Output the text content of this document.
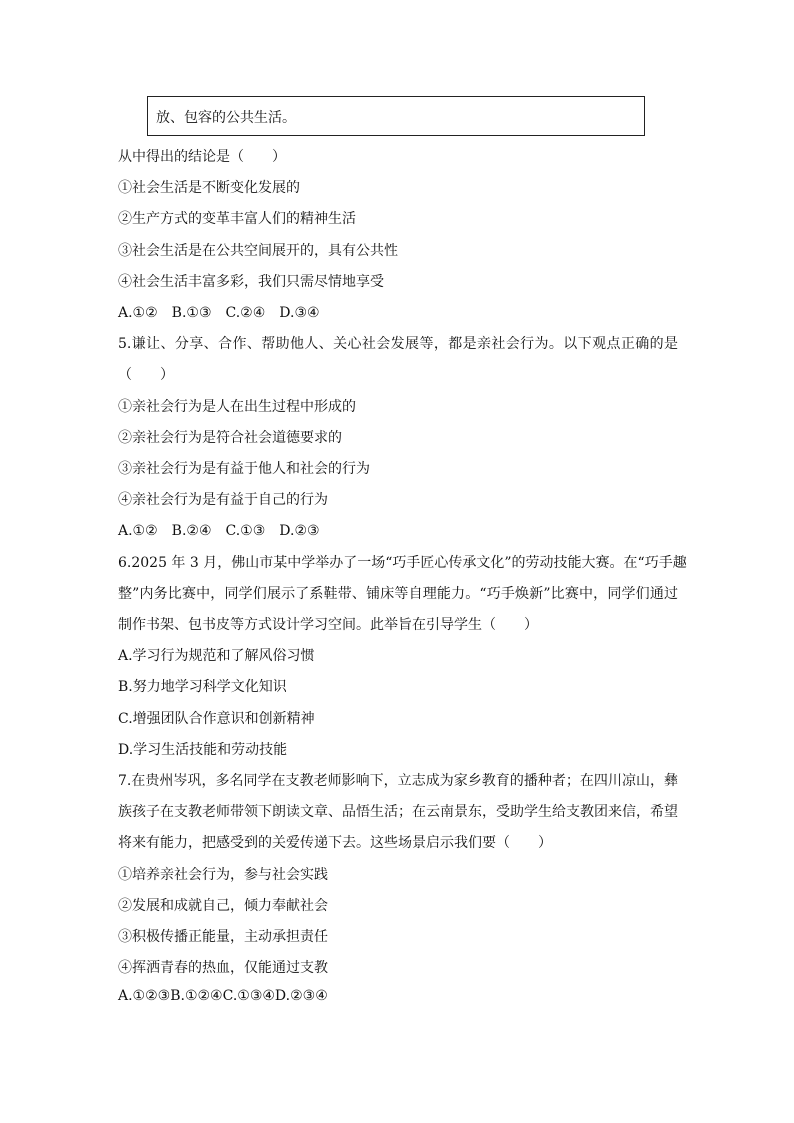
放、包容的公共生活。
从中得出的结论是（　　）
①社会生活是不断变化发展的
②生产方式的变革丰富人们的精神生活
③社会生活是在公共空间展开的，具有公共性
④社会生活丰富多彩，我们只需尽情地享受
A.①②　B.①③　C.②④　D.③④
5.谦让、分享、合作、帮助他人、关心社会发展等，都是亲社会行为。以下观点正确的是
（　　）
①亲社会行为是人在出生过程中形成的
②亲社会行为是符合社会道德要求的
③亲社会行为是有益于他人和社会的行为
④亲社会行为是有益于自己的行为
A.①②　B.②④　C.①③　D.②③
6.2025 年 3 月，佛山市某中学举办了一场“巧手匠心传承文化”的劳动技能大赛。在“巧手趣
整”内务比赛中，同学们展示了系鞋带、铺床等自理能力。“巧手焕新”比赛中，同学们通过
制作书架、包书皮等方式设计学习空间。此举旨在引导学生（　　）
A.学习行为规范和了解风俗习惯
B.努力地学习科学文化知识
C.增强团队合作意识和创新精神
D.学习生活技能和劳动技能
7.在贵州岑巩，多名同学在支教老师影响下，立志成为家乡教育的播种者；在四川凉山，彝
族孩子在支教老师带领下朗读文章、品悟生活；在云南景东，受助学生给支教团来信，希望
将来有能力，把感受到的关爱传递下去。这些场景启示我们要（　　）
①培养亲社会行为，参与社会实践
②发展和成就自己，倾力奉献社会
③积极传播正能量，主动承担责任
④挥洒青春的热血，仅能通过支教
A.①②③B.①②④C.①③④D.②③④
